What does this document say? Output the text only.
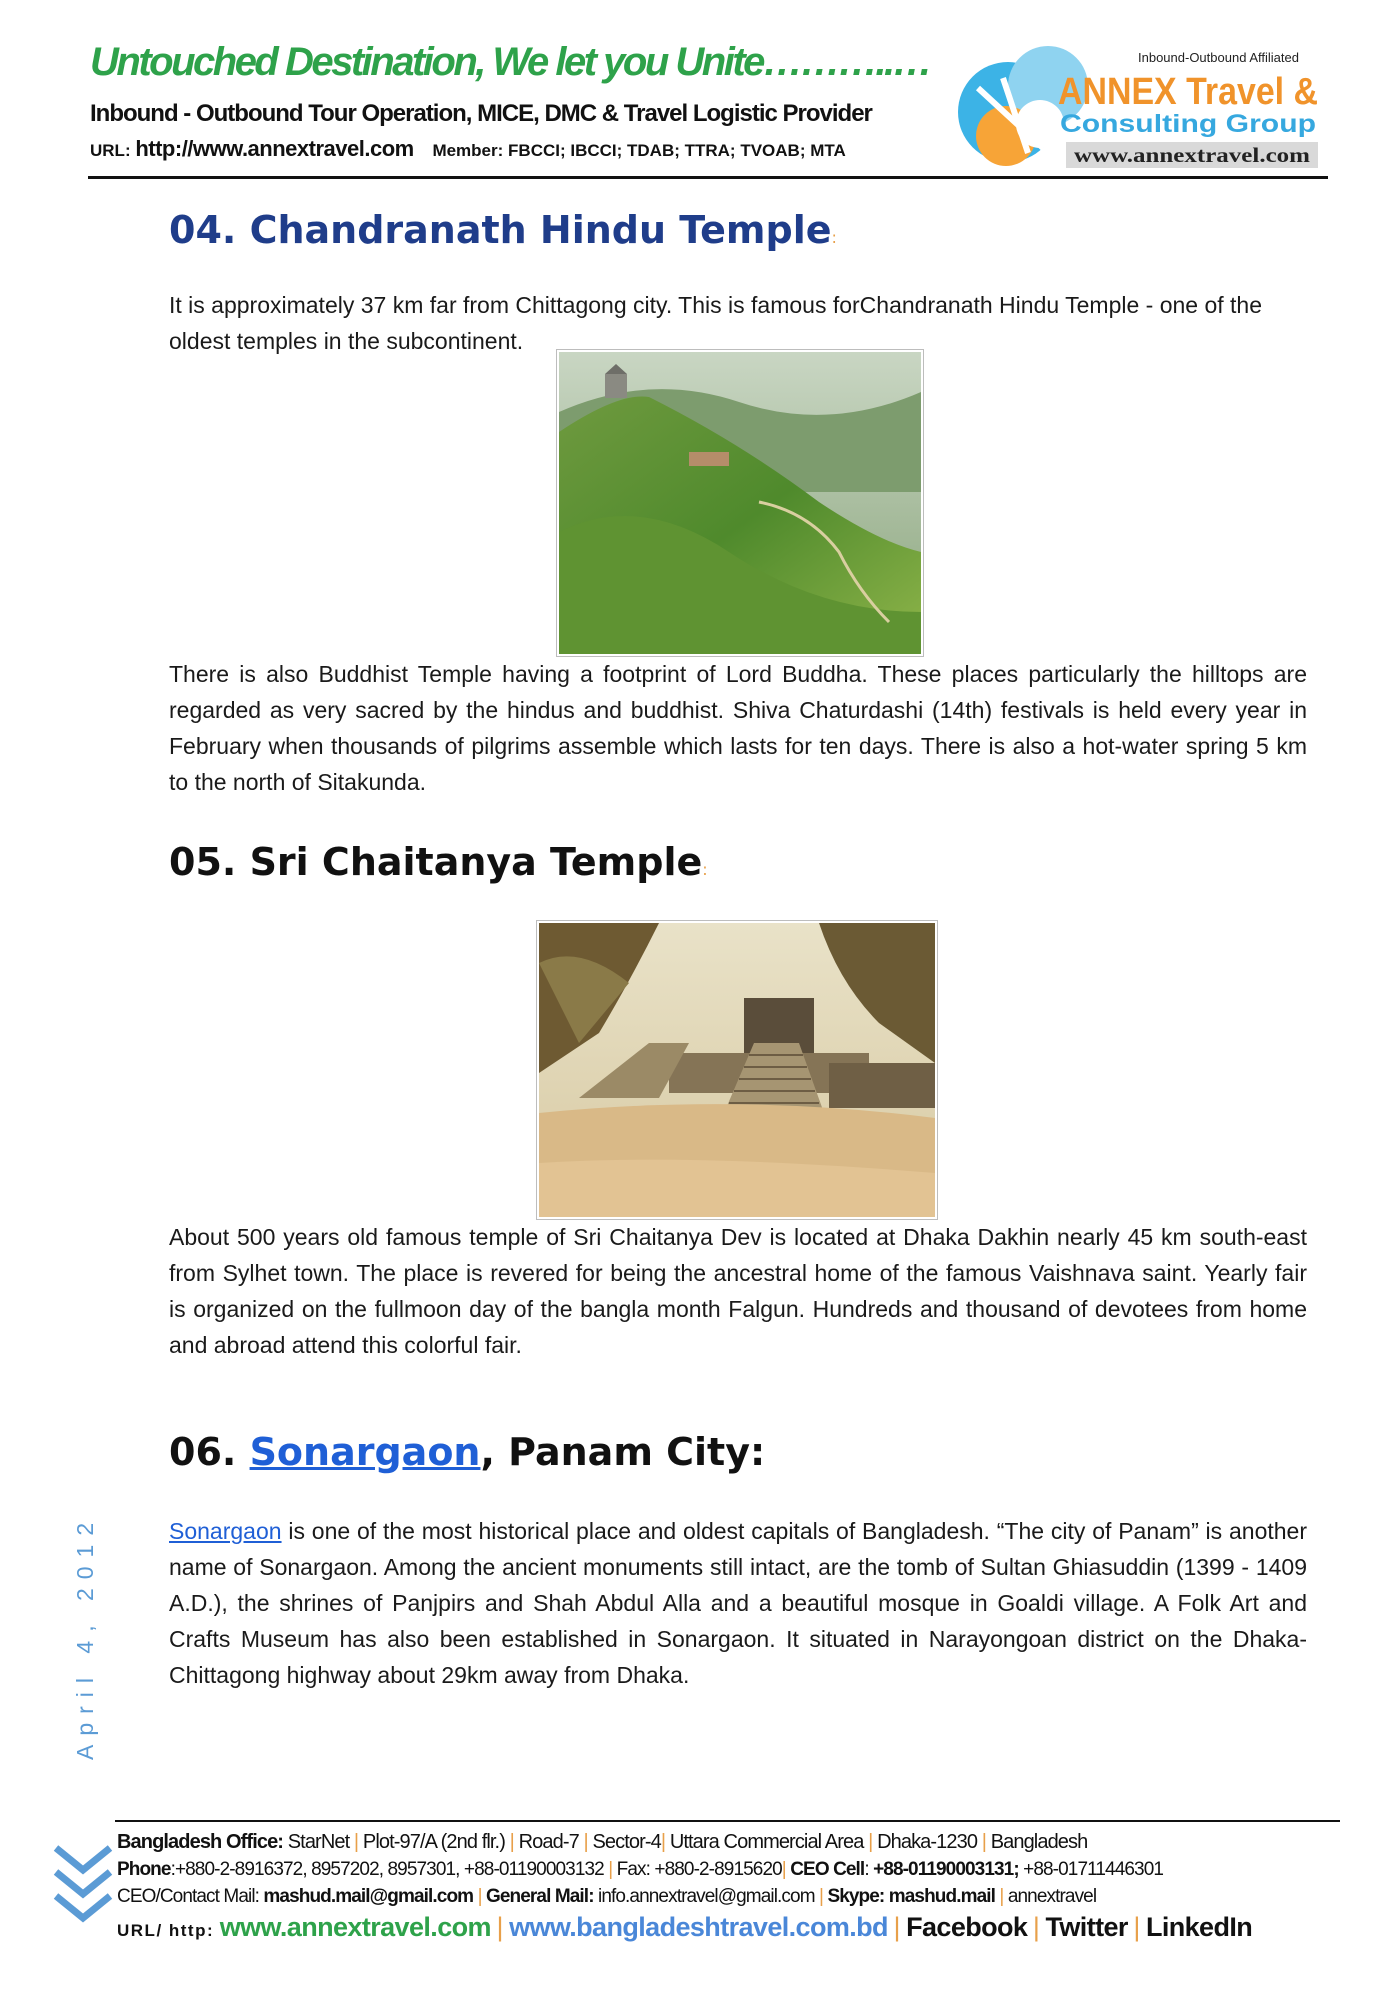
Untouched Destination, We let you Unite………..…
Inbound - Outbound Tour Operation, MICE, DMC & Travel Logistic Provider
URL: http://www.annextravel.com Member: FBCCI; IBCCI; TDAB; TTRA; TVOAB; MTA
Inbound-Outbound Affiliated
ANNEX Travel &
Consulting Group
www.annextravel.com
04. Chandranath Hindu Temple:
It is approximately 37 km far from Chittagong city. This is famous forChandranath Hindu Temple - one of the oldest temples in the subcontinent.
There is also Buddhist Temple having a footprint of Lord Buddha. These places particularly the hilltops are regarded as very sacred by the hindus and buddhist. Shiva Chaturdashi (14th) festivals is held every year in February when thousands of pilgrims assemble which lasts for ten days. There is also a hot-water spring 5 km to the north of Sitakunda.
05. Sri Chaitanya Temple:
About 500 years old famous temple of Sri Chaitanya Dev is located at Dhaka Dakhin nearly 45 km south-east from Sylhet town. The place is revered for being the ancestral home of the famous Vaishnava saint. Yearly fair is organized on the fullmoon day of the bangla month Falgun. Hundreds and thousand of devotees from home and abroad attend this colorful fair.
06. Sonargaon, Panam City:
Sonargaon is one of the most historical place and oldest capitals of Bangladesh. “The city of Panam” is another name of Sonargaon. Among the ancient monuments still intact, are the tomb of Sultan Ghiasuddin (1399 - 1409 A.D.), the shrines of Panjpirs and Shah Abdul Alla and a beautiful mosque in Goaldi village. A Folk Art and Crafts Museum has also been established in Sonargaon. It situated in Narayongoan district on the Dhaka-Chittagong highway about 29km away from Dhaka.
April 4, 2012
Bangladesh Office: StarNet | Plot-97/A (2nd flr.) | Road-7 | Sector-4| Uttara Commercial Area | Dhaka-1230 | Bangladesh
Phone:+880-2-8916372, 8957202, 8957301, +88-01190003132 | Fax: +880-2-8915620| CEO Cell: +88-01190003131; +88-01711446301
CEO/Contact Mail: mashud.mail@gmail.com | General Mail: info.annextravel@gmail.com | Skype: mashud.mail | annextravel
URL/ http: www.annextravel.com | www.bangladeshtravel.com.bd | Facebook | Twitter | LinkedIn
